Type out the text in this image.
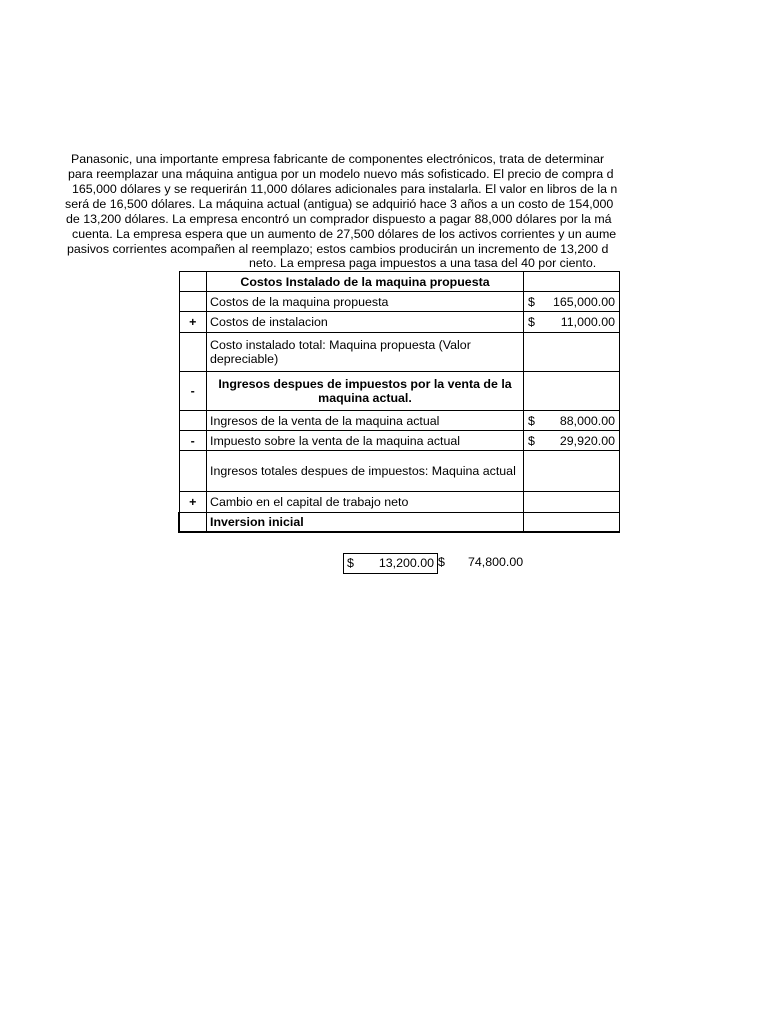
Panasonic, una importante empresa fabricante de componentes electrónicos, trata de determinar
para reemplazar una máquina antigua por un modelo nuevo más sofisticado. El precio de compra d
165,000 dólares y se requerirán 11,000 dólares adicionales para instalarla. El valor en libros de la n
será de 16,500 dólares. La máquina actual (antigua) se adquirió hace 3 años a un costo de 154,000
de 13,200 dólares. La empresa encontró un comprador dispuesto a pagar 88,000 dólares por la má
cuenta. La empresa espera que un aumento de 27,500 dólares de los activos corrientes y un aume
pasivos corrientes acompañen al reemplazo; estos cambios producirán un incremento de 13,200 d
neto. La empresa paga impuestos a una tasa del 40 por ciento.
	Costos Instalado de la maquina propuesta	
	Costos de la maquina propuesta	$ 165,000.00

+	Costos de instalacion	$ 11,000.00

	Costo instalado total: Maquina propuesta (Valor depreciable)	
-	Ingresos despues de impuestos por la venta de la maquina actual.	
	Ingresos de la venta de la maquina actual	$ 88,000.00

-	Impuesto sobre la venta de la maquina actual	$ 29,920.00

	Ingresos totales despues de impuestos: Maquina actual	
+	Cambio en el capital de trabajo neto	
	Inversion inicial	
$ 13,200.00 $ 74,800.00
